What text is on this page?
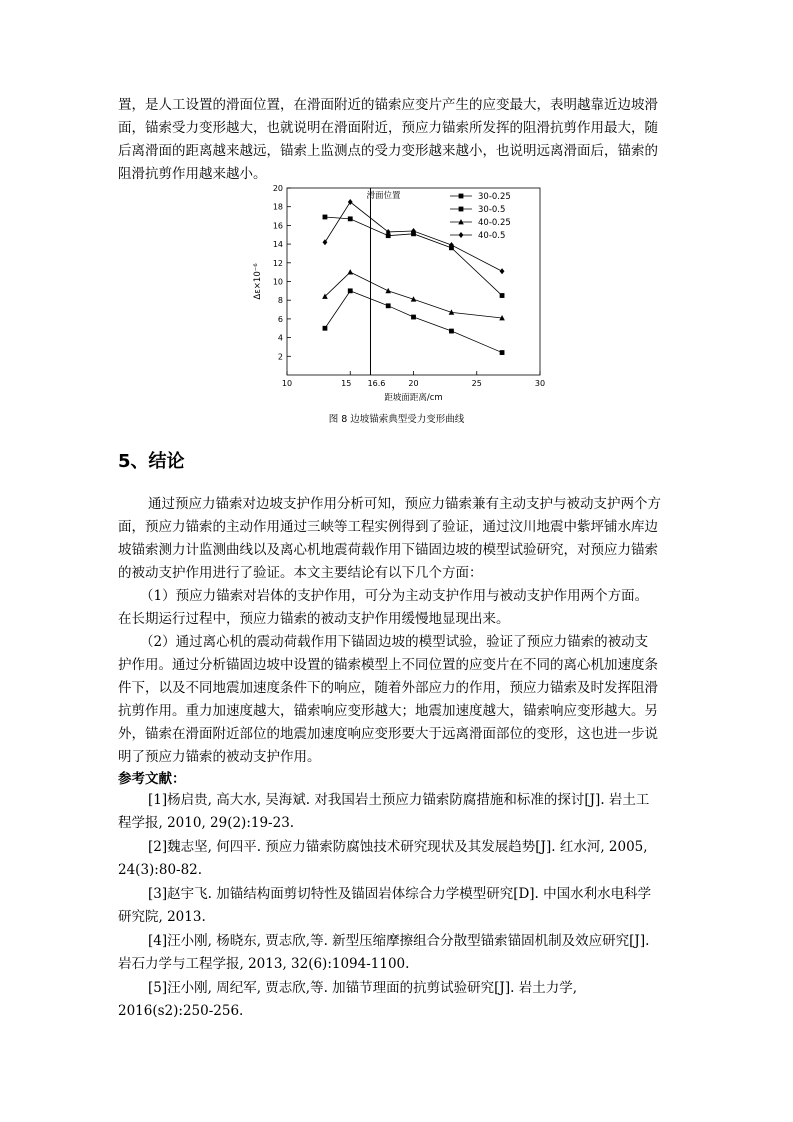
置，是人工设置的滑面位置，在滑面附近的锚索应变片产生的应变最大，表明越靠近边坡滑
面，锚索受力变形越大，也就说明在滑面附近，预应力锚索所发挥的阻滑抗剪作用最大，随
后离滑面的距离越来越远，锚索上监测点的受力变形越来越小，也说明远离滑面后，锚索的
阻滑抗剪作用越来越小。
2
4
6
8
10
12
14
16
18
20
10	15 16.6	20	25	30
距坡面距离/cm
Δε×10⁻⁶
滑面位置	30-0.25
30-0.5
40-0.25
40-0.5
图 8 边坡锚索典型受力变形曲线
5、结论
通过预应力锚索对边坡支护作用分析可知，预应力锚索兼有主动支护与被动支护两个方
面，预应力锚索的主动作用通过三峡等工程实例得到了验证，通过汶川地震中紫坪铺水库边
坡锚索测力计监测曲线以及离心机地震荷载作用下锚固边坡的模型试验研究，对预应力锚索
的被动支护作用进行了验证。本文主要结论有以下几个方面：
（1）预应力锚索对岩体的支护作用，可分为主动支护作用与被动支护作用两个方面。
在长期运行过程中，预应力锚索的被动支护作用缓慢地显现出来。
（2）通过离心机的震动荷载作用下锚固边坡的模型试验，验证了预应力锚索的被动支
护作用。通过分析锚固边坡中设置的锚索模型上不同位置的应变片在不同的离心机加速度条
件下，以及不同地震加速度条件下的响应，随着外部应力的作用，预应力锚索及时发挥阻滑
抗剪作用。重力加速度越大，锚索响应变形越大；地震加速度越大，锚索响应变形越大。另
外，锚索在滑面附近部位的地震加速度响应变形要大于远离滑面部位的变形，这也进一步说
明了预应力锚索的被动支护作用。
参考文献：
[1]杨启贵, 高大水, 吴海斌. 对我国岩土预应力锚索防腐措施和标准的探讨[J]. 岩土工
程学报, 2010, 29(2):19-23.
[2]魏志坚, 何四平. 预应力锚索防腐蚀技术研究现状及其发展趋势[J]. 红水河, 2005,
24(3):80-82.
[3]赵宇飞. 加锚结构面剪切特性及锚固岩体综合力学模型研究[D]. 中国水利水电科学
研究院, 2013.
[4]汪小刚, 杨晓东, 贾志欣,等. 新型压缩摩擦组合分散型锚索锚固机制及效应研究[J].
岩石力学与工程学报, 2013, 32(6):1094-1100.
[5]汪小刚, 周纪军, 贾志欣,等. 加锚节理面的抗剪试验研究[J]. 岩土力学,
2016(s2):250-256.
